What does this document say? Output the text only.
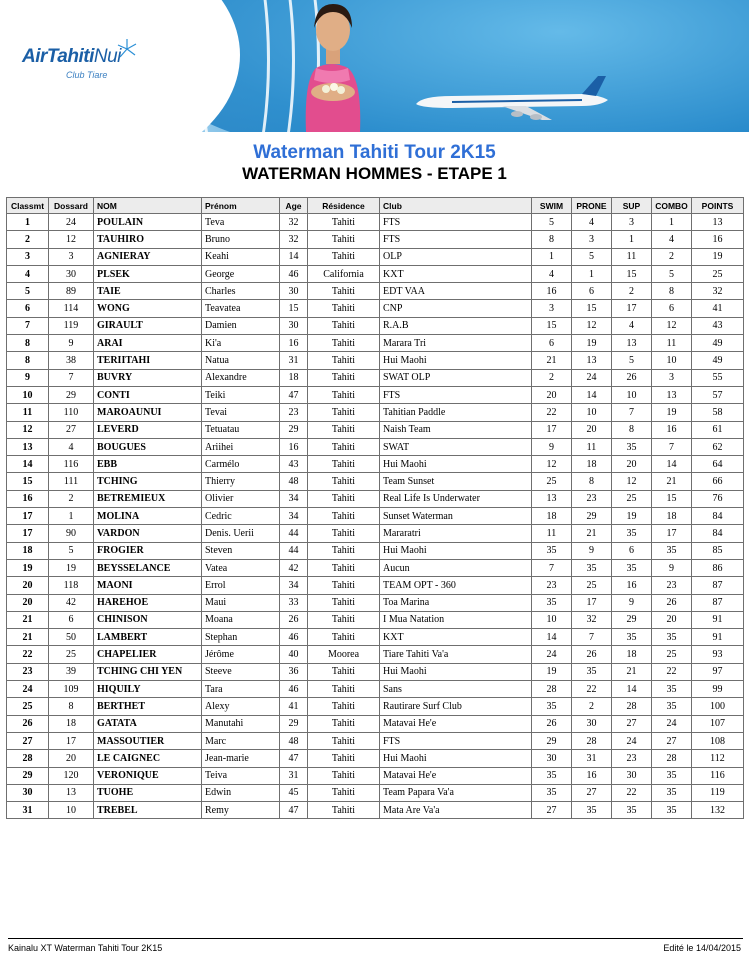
AirTahitiNui
Club Tiare
Waterman Tahiti Tour 2K15
WATERMAN HOMMES - ETAPE 1
Classmt	Dossard	NOM	Prénom	Age	Résidence	Club	SWIM	PRONE	SUP	COMBO	POINTS
1	24	POULAIN	Teva	32	Tahiti	FTS	5	4	3	1	13
2	12	TAUHIRO	Bruno	32	Tahiti	FTS	8	3	1	4	16
3	3	AGNIERAY	Keahi	14	Tahiti	OLP	1	5	11	2	19
4	30	PLSEK	George	46	California	KXT	4	1	15	5	25
5	89	TAIE	Charles	30	Tahiti	EDT VAA	16	6	2	8	32
6	114	WONG	Teavatea	15	Tahiti	CNP	3	15	17	6	41
7	119	GIRAULT	Damien	30	Tahiti	R.A.B	15	12	4	12	43
8	9	ARAI	Ki'a	16	Tahiti	Marara Tri	6	19	13	11	49
8	38	TERIITAHI	Natua	31	Tahiti	Hui Maohi	21	13	5	10	49
9	7	BUVRY	Alexandre	18	Tahiti	SWAT OLP	2	24	26	3	55
10	29	CONTI	Teiki	47	Tahiti	FTS	20	14	10	13	57
11	110	MAROAUNUI	Tevai	23	Tahiti	Tahitian Paddle	22	10	7	19	58
12	27	LEVERD	Tetuatau	29	Tahiti	Naish Team	17	20	8	16	61
13	4	BOUGUES	Ariihei	16	Tahiti	SWAT	9	11	35	7	62
14	116	EBB	Carmélo	43	Tahiti	Hui Maohi	12	18	20	14	64
15	111	TCHING	Thierry	48	Tahiti	Team Sunset	25	8	12	21	66
16	2	BETREMIEUX	Olivier	34	Tahiti	Real Life Is Underwater	13	23	25	15	76
17	1	MOLINA	Cedric	34	Tahiti	Sunset Waterman	18	29	19	18	84
17	90	VARDON	Denis. Uerii	44	Tahiti	Mararatri	11	21	35	17	84
18	5	FROGIER	Steven	44	Tahiti	Hui Maohi	35	9	6	35	85
19	19	BEYSSELANCE	Vatea	42	Tahiti	Aucun	7	35	35	9	86
20	118	MAONI	Errol	34	Tahiti	TEAM OPT - 360	23	25	16	23	87
20	42	HAREHOE	Maui	33	Tahiti	Toa Marina	35	17	9	26	87
21	6	CHINISON	Moana	26	Tahiti	I Mua Natation	10	32	29	20	91
21	50	LAMBERT	Stephan	46	Tahiti	KXT	14	7	35	35	91
22	25	CHAPELIER	Jérôme	40	Moorea	Tiare Tahiti Va'a	24	26	18	25	93
23	39	TCHING CHI YEN	Steeve	36	Tahiti	Hui Maohi	19	35	21	22	97
24	109	HIQUILY	Tara	46	Tahiti	Sans	28	22	14	35	99
25	8	BERTHET	Alexy	41	Tahiti	Rautirare Surf Club	35	2	28	35	100
26	18	GATATA	Manutahi	29	Tahiti	Matavai He'e	26	30	27	24	107
27	17	MASSOUTIER	Marc	48	Tahiti	FTS	29	28	24	27	108
28	20	LE CAIGNEC	Jean-marie	47	Tahiti	Hui Maohi	30	31	23	28	112
29	120	VERONIQUE	Teiva	31	Tahiti	Matavai He'e	35	16	30	35	116
30	13	TUOHE	Edwin	45	Tahiti	Team Papara Va'a	35	27	22	35	119
31	10	TREBEL	Remy	47	Tahiti	Mata Are Va'a	27	35	35	35	132
Kainalu XT Waterman Tahiti Tour 2K15	Edité le 14/04/2015
